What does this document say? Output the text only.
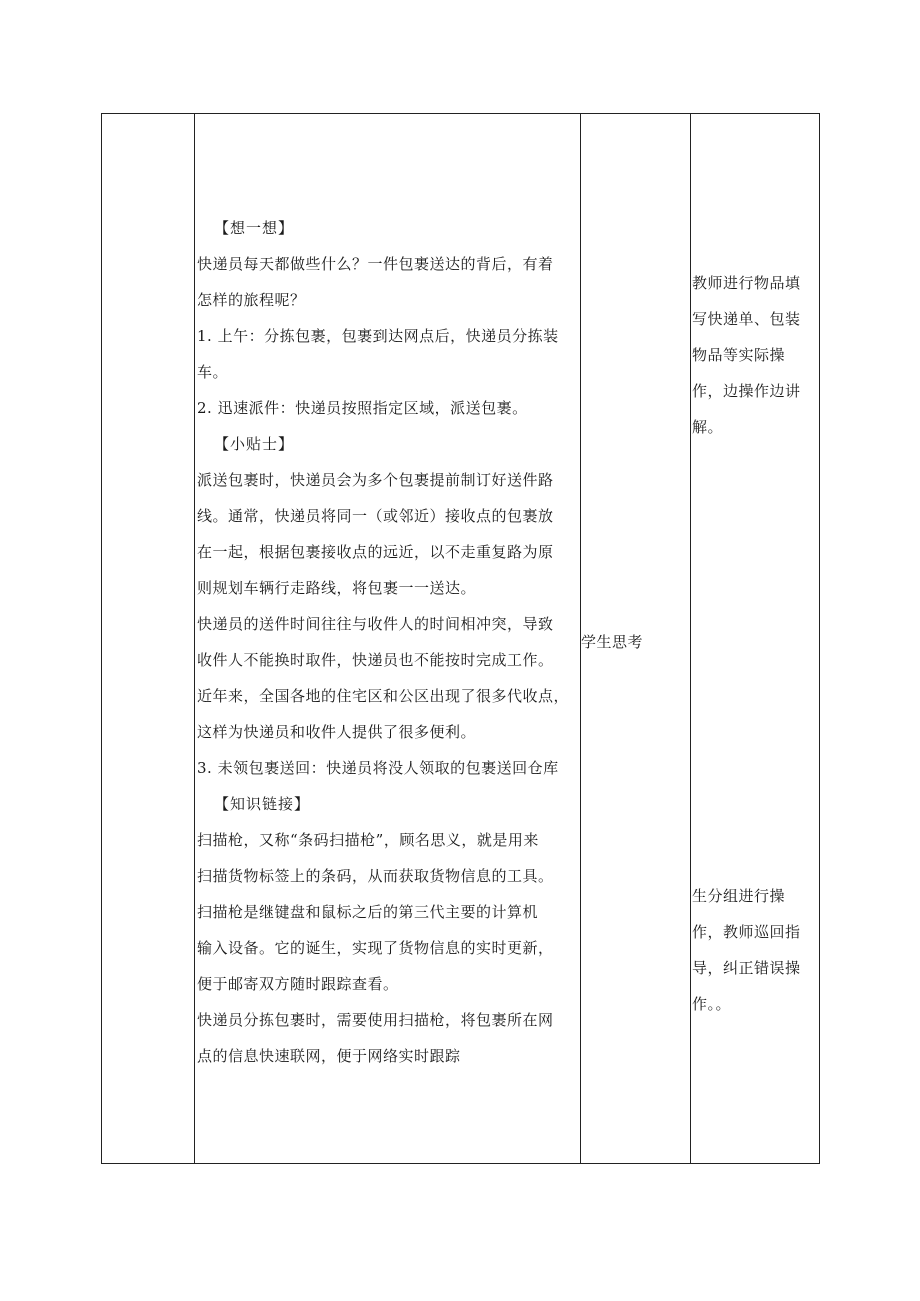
【想一想】
快递员每天都做些什么？一件包裹送达的背后，有着
怎样的旅程呢？
1. 上午：分拣包裹，包裹到达网点后，快递员分拣装
车。
2. 迅速派件：快递员按照指定区域，派送包裹。
【小贴士】
派送包裹时，快递员会为多个包裹提前制订好送件路
线。通常，快递员将同一（或邻近）接收点的包裹放
在一起，根据包裹接收点的远近，以不走重复路为原
则规划车辆行走路线，将包裹一一送达。
快递员的送件时间往往与收件人的时间相冲突，导致
收件人不能换时取件，快递员也不能按时完成工作。
近年来，全国各地的住宅区和公区出现了很多代收点，
这样为快递员和收件人提供了很多便利。
3. 未领包裹送回：快递员将没人领取的包裹送回仓库
【知识链接】
扫描枪，又称“条码扫描枪”，顾名思义，就是用来
扫描货物标签上的条码，从而获取货物信息的工具。
扫描枪是继键盘和鼠标之后的第三代主要的计算机
输入设备。它的诞生，实现了货物信息的实时更新，
便于邮寄双方随时跟踪查看。
快递员分拣包裹时，需要使用扫描枪，将包裹所在网
点的信息快速联网，便于网络实时跟踪
学生思考
教师进行物品填
写快递单、包装
物品等实际操
作，边操作边讲
解。
生分组进行操
作，教师巡回指
导，纠正错误操
作。。
